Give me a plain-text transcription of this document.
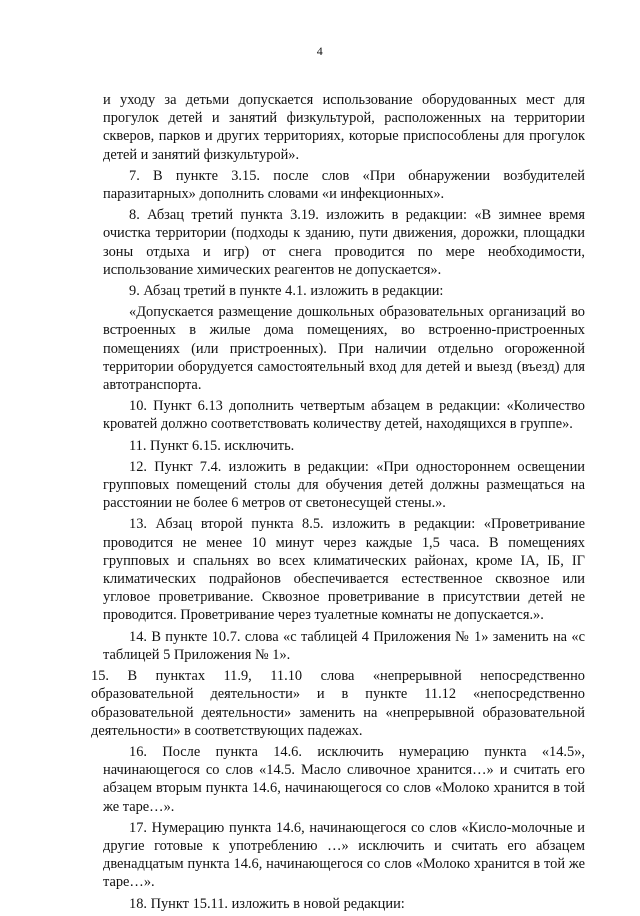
4

и уходу за детьми допускается использование оборудованных мест для прогулок детей и занятий физкультурой, расположенных на территории скверов, парков и других территориях, которые приспособлены для прогулок детей и занятий физкультурой».

7. В пункте 3.15. после слов «При обнаружении возбудителей паразитарных» дополнить словами «и инфекционных».

8. Абзац третий пункта 3.19. изложить в редакции: «В зимнее время очистка территории (подходы к зданию, пути движения, дорожки, площадки зоны отдыха и игр) от снега проводится по мере необходимости, использование химических реагентов не допускается».

9. Абзац третий в пункте 4.1. изложить в редакции:

«Допускается размещение дошкольных образовательных организаций во встроенных в жилые дома помещениях, во встроенно-пристроенных помещениях (или пристроенных). При наличии отдельно огороженной территории оборудуется самостоятельный вход для детей и выезд (въезд) для автотранспорта.

10. Пункт 6.13 дополнить четвертым абзацем в редакции: «Количество кроватей должно соответствовать количеству детей, находящихся в группе».

11. Пункт 6.15. исключить.

12. Пункт 7.4. изложить в редакции: «При одностороннем освещении групповых помещений столы для обучения детей должны размещаться на расстоянии не более 6 метров от светонесущей стены.».

13. Абзац второй пункта 8.5. изложить в редакции: «Проветривание проводится не менее 10 минут через каждые 1,5 часа. В помещениях групповых и спальнях во всех климатических районах, кроме IA, IБ, IГ климатических подрайонов обеспечивается естественное сквозное или угловое проветривание. Сквозное проветривание в присутствии детей не проводится. Проветривание через туалетные комнаты не допускается.».

14. В пункте 10.7. слова «с таблицей 4 Приложения № 1» заменить на «с таблицей 5 Приложения № 1».

15. В пунктах 11.9, 11.10 слова «непрерывной непосредственно образовательной деятельности» и в пункте 11.12 «непосредственно образовательной деятельности» заменить на «непрерывной образовательной деятельности» в соответствующих падежах.

16. После пункта 14.6. исключить нумерацию пункта «14.5», начинающегося со слов «14.5. Масло сливочное хранится…» и считать его абзацем вторым пункта 14.6, начинающегося со слов «Молоко хранится в той же таре…».

17. Нумерацию пункта 14.6, начинающегося со слов «Кисло-молочные и другие готовые к употреблению …» исключить и считать его абзацем двенадцатым пункта 14.6, начинающегося со слов «Молоко хранится в той же таре…».

18. Пункт 15.11. изложить в новой редакции:
